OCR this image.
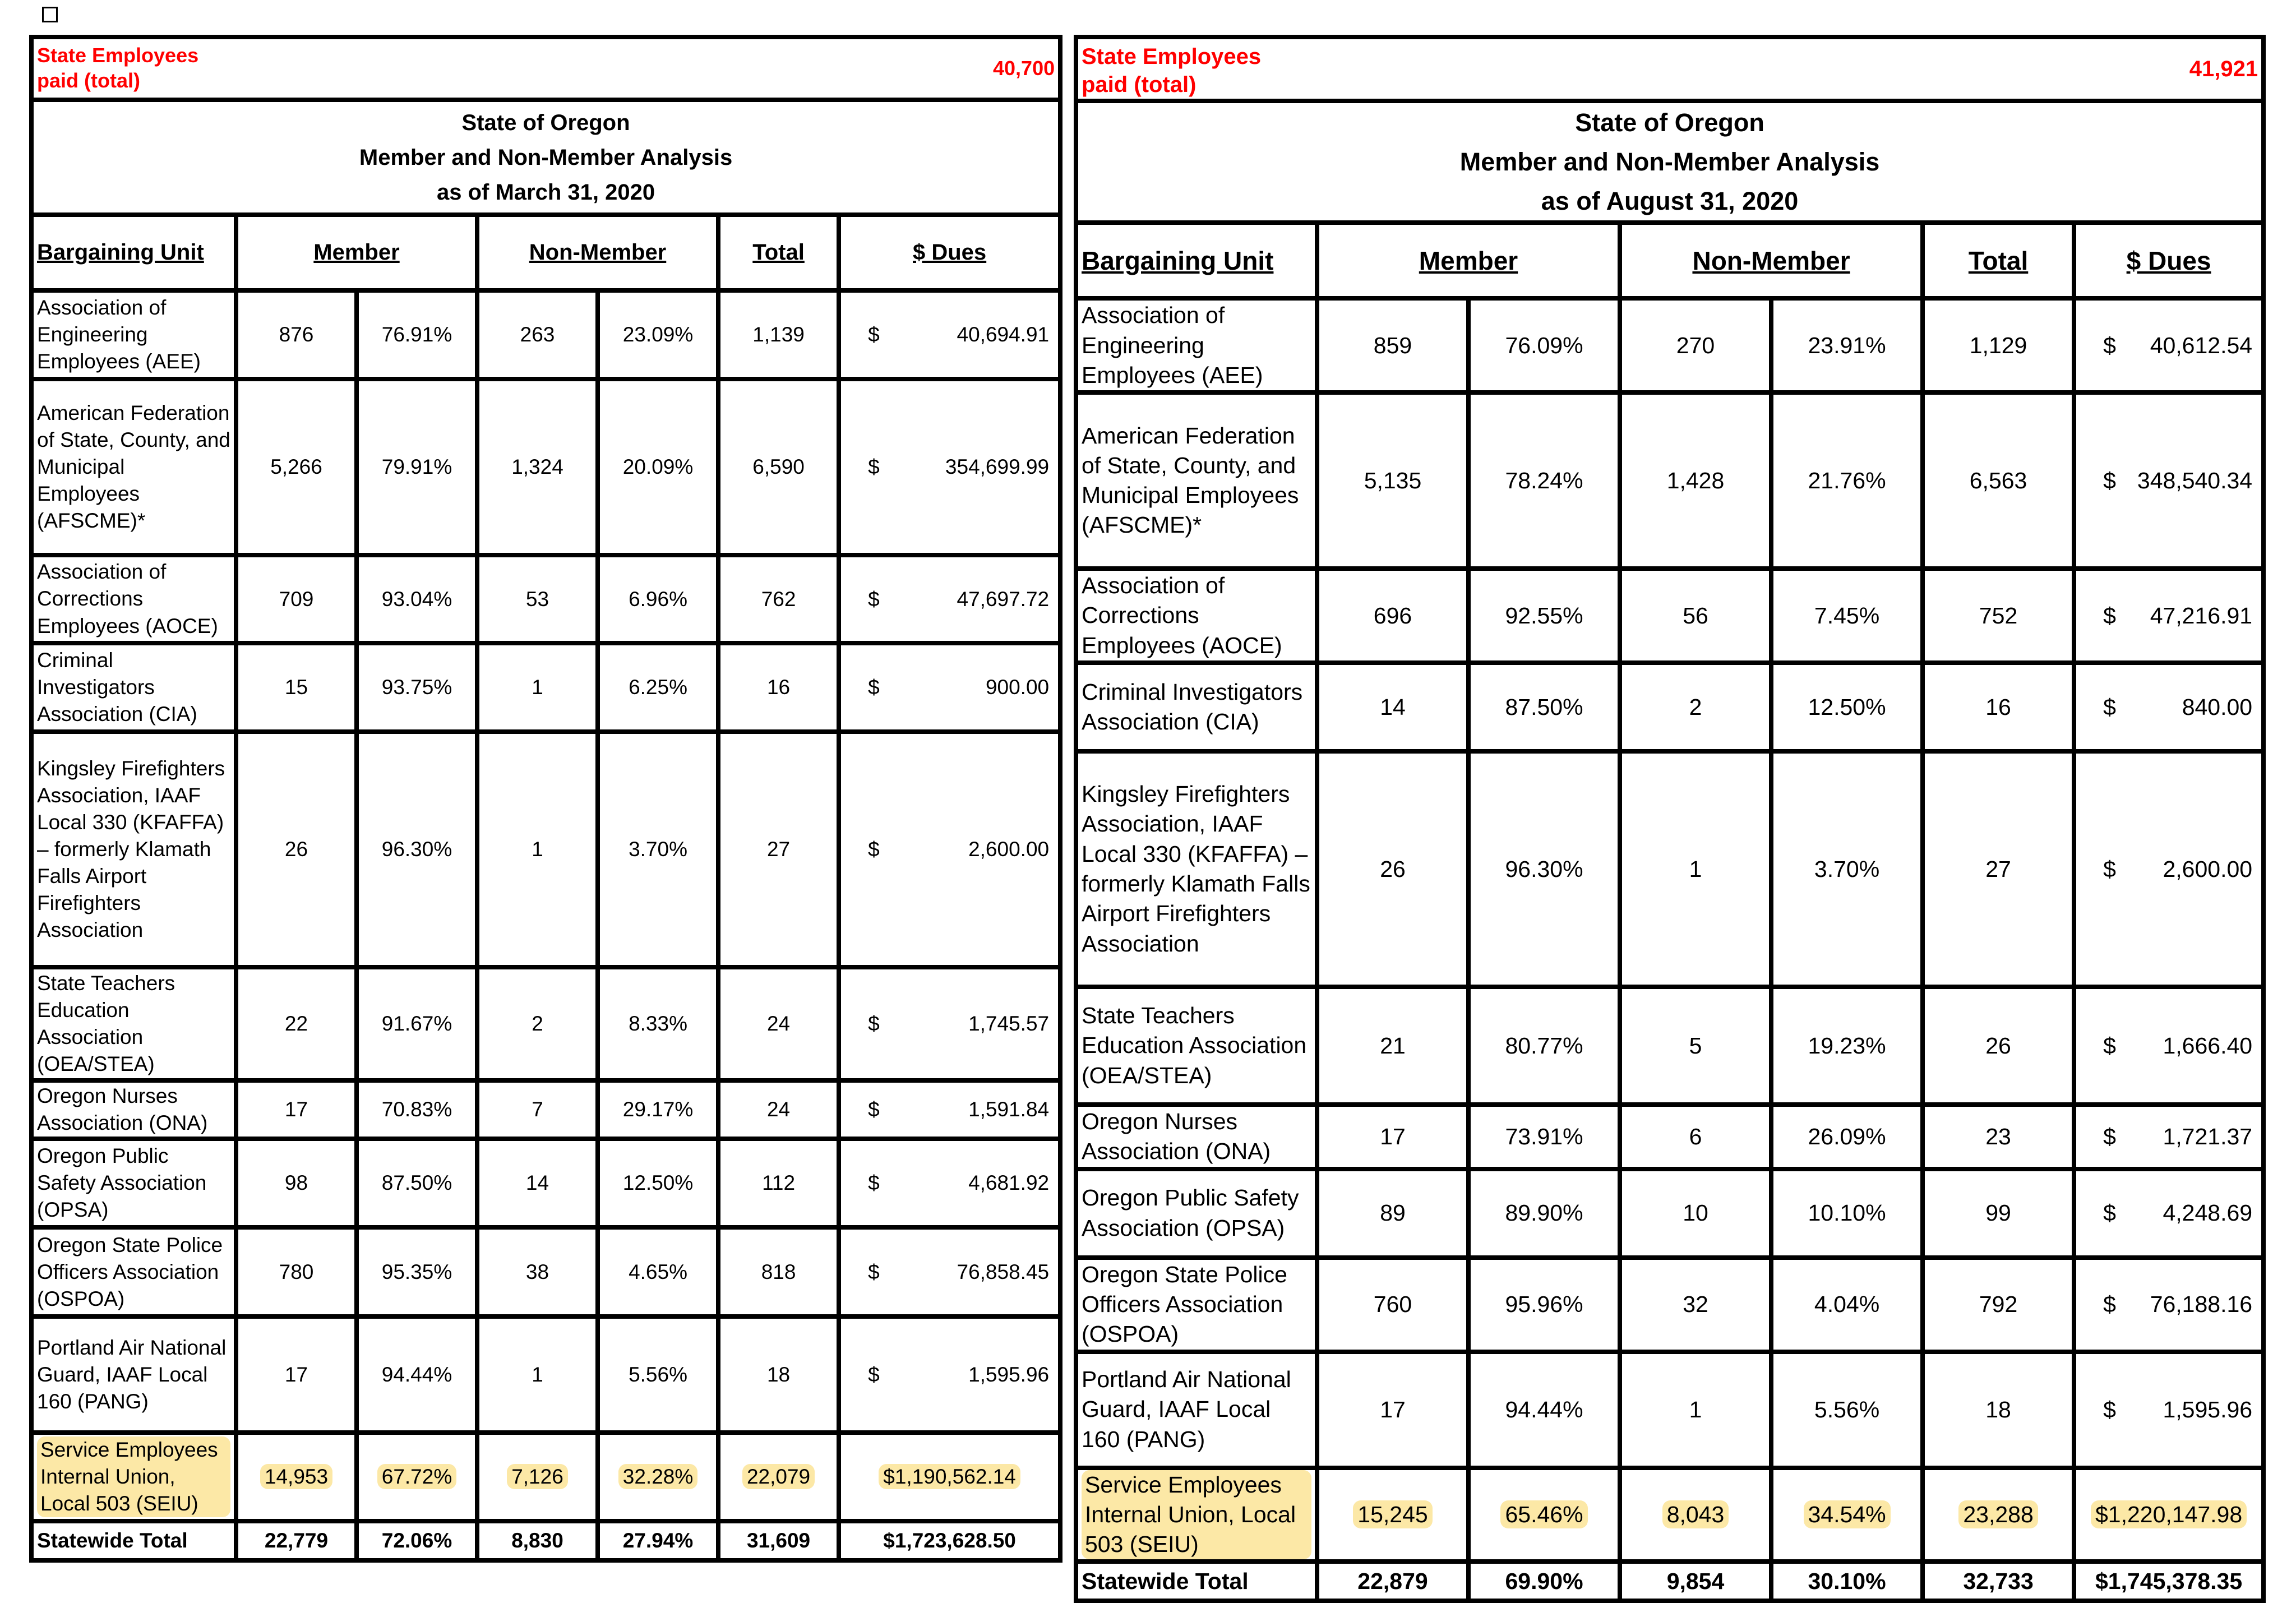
State Employees paid (total)					40,700	

State of Oregon
Member and Non-Member Analysis
as of March 31, 2020						

Bargaining Unit	Member		Non-Member		Total	$ Dues
Association of Engineering Employees (AEE)	876	76.91%	263	23.09%	1,139	$ 40,694.91

American Federation of State, County, and Municipal Employees (AFSCME)*	5,266	79.91%	1,324	20.09%	6,590	$ 354,699.99

Association of Corrections Employees (AOCE)	709	93.04%	53	6.96%	762	$ 47,697.72

Criminal Investigators Association (CIA)	15	93.75%	1	6.25%	16	$ 900.00

Kingsley Firefighters Association, IAAF Local 330 (KFAFFA) – formerly Klamath Falls Airport Firefighters Association	26	96.30%	1	3.70%	27	$ 2,600.00

State Teachers Education Association (OEA/STEA)	22	91.67%	2	8.33%	24	$ 1,745.57

Oregon Nurses Association (ONA)	17	70.83%	7	29.17%	24	$ 1,591.84

Oregon Public Safety Association (OPSA)	98	87.50%	14	12.50%	112	$ 4,681.92

Oregon State Police Officers Association (OSPOA)	780	95.35%	38	4.65%	818	$ 76,858.45

Portland Air National Guard, IAAF Local 160 (PANG)	17	94.44%	1	5.56%	18	$ 1,595.96

Service Employees Internal Union, Local 503 (SEIU)	14,953	67.72%	7,126	32.28%	22,079	$1,190,562.14
Statewide Total	22,779	72.06%	8,830	27.94%	31,609	$1,723,628.50
State Employees paid (total)					41,921	

State of Oregon
Member and Non-Member Analysis
as of August 31, 2020						

Bargaining Unit	Member		Non-Member		Total	$ Dues
Association of Engineering Employees (AEE)	859	76.09%	270	23.91%	1,129	$ 40,612.54

American Federation of State, County, and Municipal Employees (AFSCME)*	5,135	78.24%	1,428	21.76%	6,563	$ 348,540.34

Association of Corrections Employees (AOCE)	696	92.55%	56	7.45%	752	$ 47,216.91

Criminal Investigators Association (CIA)	14	87.50%	2	12.50%	16	$ 840.00

Kingsley Firefighters Association, IAAF Local 330 (KFAFFA) – formerly Klamath Falls Airport Firefighters Association	26	96.30%	1	3.70%	27	$ 2,600.00

State Teachers Education Association (OEA/STEA)	21	80.77%	5	19.23%	26	$ 1,666.40

Oregon Nurses Association (ONA)	17	73.91%	6	26.09%	23	$ 1,721.37

Oregon Public Safety Association (OPSA)	89	89.90%	10	10.10%	99	$ 4,248.69

Oregon State Police Officers Association (OSPOA)	760	95.96%	32	4.04%	792	$ 76,188.16

Portland Air National Guard, IAAF Local 160 (PANG)	17	94.44%	1	5.56%	18	$ 1,595.96

Service Employees Internal Union, Local 503 (SEIU)	15,245	65.46%	8,043	34.54%	23,288	$1,220,147.98
Statewide Total	22,879	69.90%	9,854	30.10%	32,733	$1,745,378.35
